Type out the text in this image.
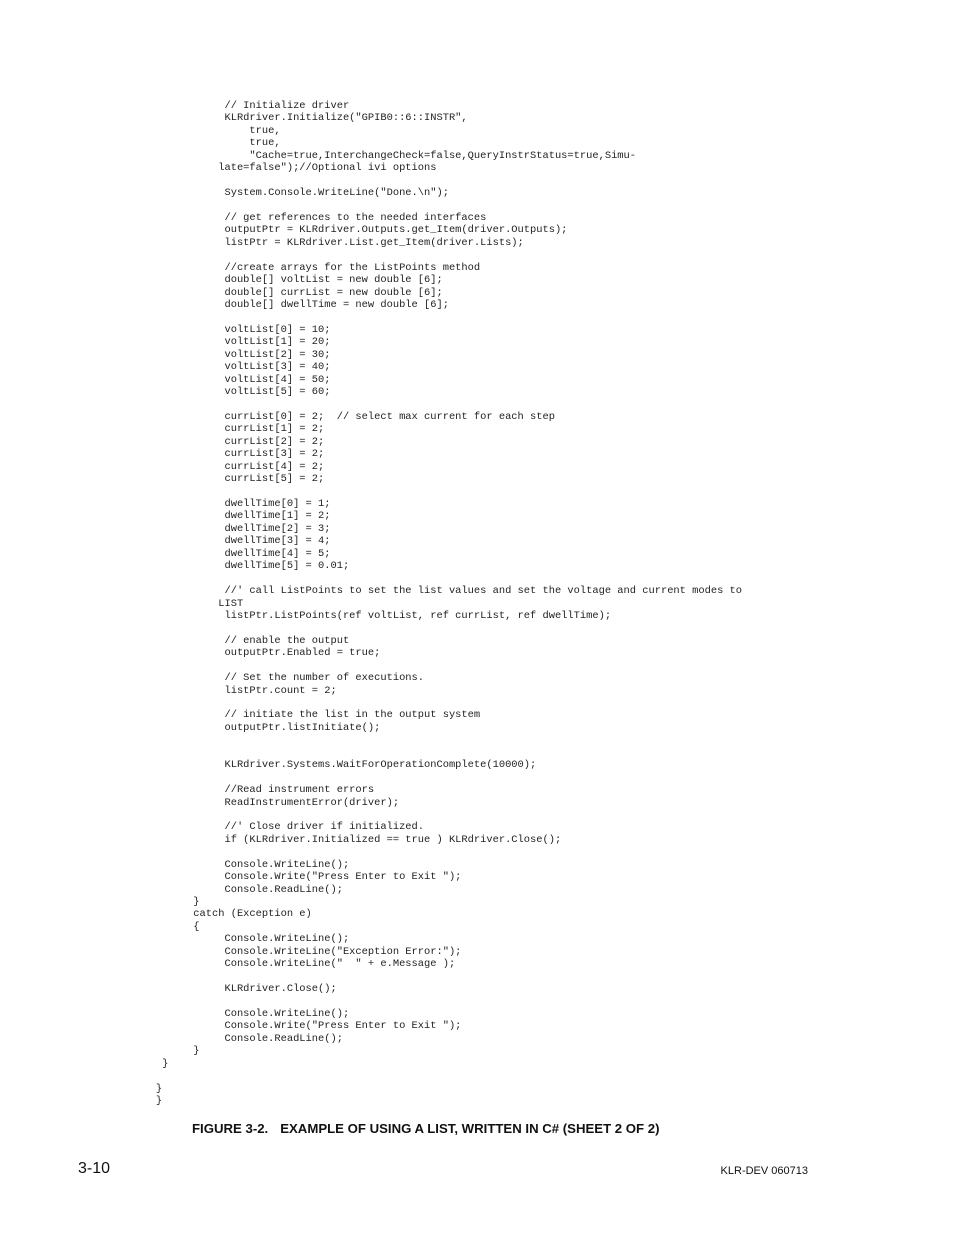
// Initialize driver
KLRdriver.Initialize("GPIB0::6::INSTR",
true,
true,
"Cache=true,InterchangeCheck=false,QueryInstrStatus=true,Simu-
late=false");//Optional ivi options
System.Console.WriteLine("Done.\n");
// get references to the needed interfaces
outputPtr = KLRdriver.Outputs.get_Item(driver.Outputs);
listPtr = KLRdriver.List.get_Item(driver.Lists);
//create arrays for the ListPoints method
double[] voltList = new double [6];
double[] currList = new double [6];
double[] dwellTime = new double [6];
voltList[0] = 10;
voltList[1] = 20;
voltList[2] = 30;
voltList[3] = 40;
voltList[4] = 50;
voltList[5] = 60;
currList[0] = 2;  // select max current for each step
currList[1] = 2;
currList[2] = 2;
currList[3] = 2;
currList[4] = 2;
currList[5] = 2;
dwellTime[0] = 1;
dwellTime[1] = 2;
dwellTime[2] = 3;
dwellTime[3] = 4;
dwellTime[4] = 5;
dwellTime[5] = 0.01;
//' call ListPoints to set the list values and set the voltage and current modes to
LIST
listPtr.ListPoints(ref voltList, ref currList, ref dwellTime);
// enable the output
outputPtr.Enabled = true;
// Set the number of executions.
listPtr.count = 2;
// initiate the list in the output system
outputPtr.listInitiate();
KLRdriver.Systems.WaitForOperationComplete(10000);
//Read instrument errors
ReadInstrumentError(driver);
//' Close driver if initialized.
if (KLRdriver.Initialized == true ) KLRdriver.Close();
Console.WriteLine();
Console.Write("Press Enter to Exit ");
Console.ReadLine();
}
catch (Exception e)
{
Console.WriteLine();
Console.WriteLine("Exception Error:");
Console.WriteLine("  " + e.Message );
KLRdriver.Close();
Console.WriteLine();
Console.Write("Press Enter to Exit ");
Console.ReadLine();
}
}
}
}
FIGURE 3-2. EXAMPLE OF USING A LIST, WRITTEN IN C# (SHEET 2 OF 2)
3-10	KLR-DEV 060713
